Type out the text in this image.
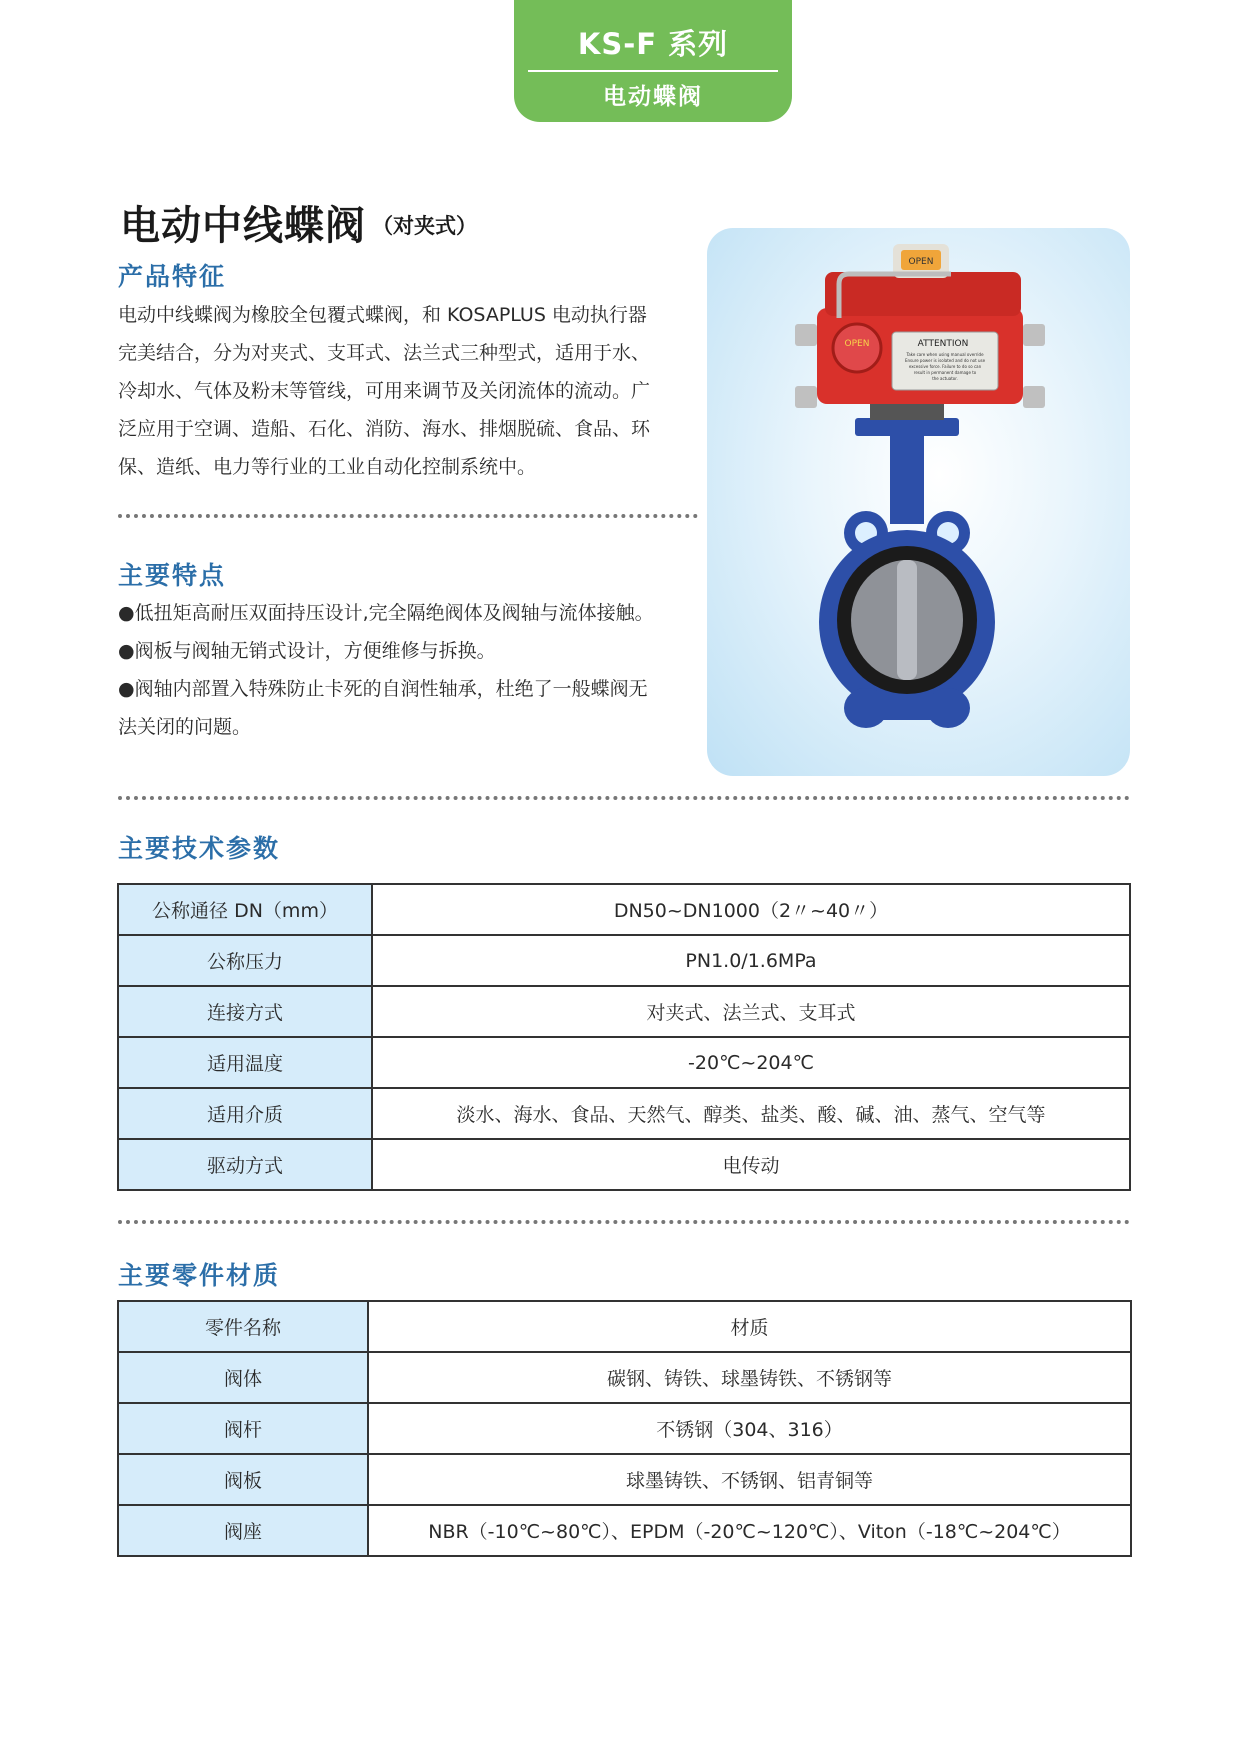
KS-F 系列
电动蝶阀
电动中线蝶阀 （对夹式）
产品特征

电动中线蝶阀为橡胶全包覆式蝶阀，和 KOSAPLUS 电动执行器

完美结合，分为对夹式、支耳式、法兰式三种型式，适用于水、

冷却水、气体及粉末等管线，可用来调节及关闭流体的流动。广

泛应用于空调、造船、石化、消防、海水、排烟脱硫、食品、环

保、造纸、电力等行业的工业自动化控制系统中。

主要特点

●低扭矩高耐压双面持压设计,完全隔绝阀体及阀轴与流体接触。

●阀板与阀轴无销式设计，方便维修与拆换。

●阀轴内部置入特殊防止卡死的自润性轴承，杜绝了一般蝶阀无

法关闭的问题。

OPEN
OPEN	ATTENTION
Take care when using manual override
Ensure power is isolated and do not use
excessive force. Failure to do so can
result in permanent damage to
the actuator.
主要技术参数
公称通径 DN（mm）	DN50~DN1000（2〃~40〃）
公称压力	PN1.0/1.6MPa
连接方式	对夹式、法兰式、支耳式
适用温度	-20℃~204℃
适用介质	淡水、海水、食品、天然气、醇类、盐类、酸、碱、油、蒸气、空气等
驱动方式	电传动
主要零件材质
零件名称	材质
阀体	碳钢、铸铁、球墨铸铁、不锈钢等
阀杆	不锈钢（304、316）
阀板	球墨铸铁、不锈钢、铝青铜等
阀座	NBR（-10℃~80℃）、EPDM（-20℃~120℃）、Viton（-18℃~204℃）
